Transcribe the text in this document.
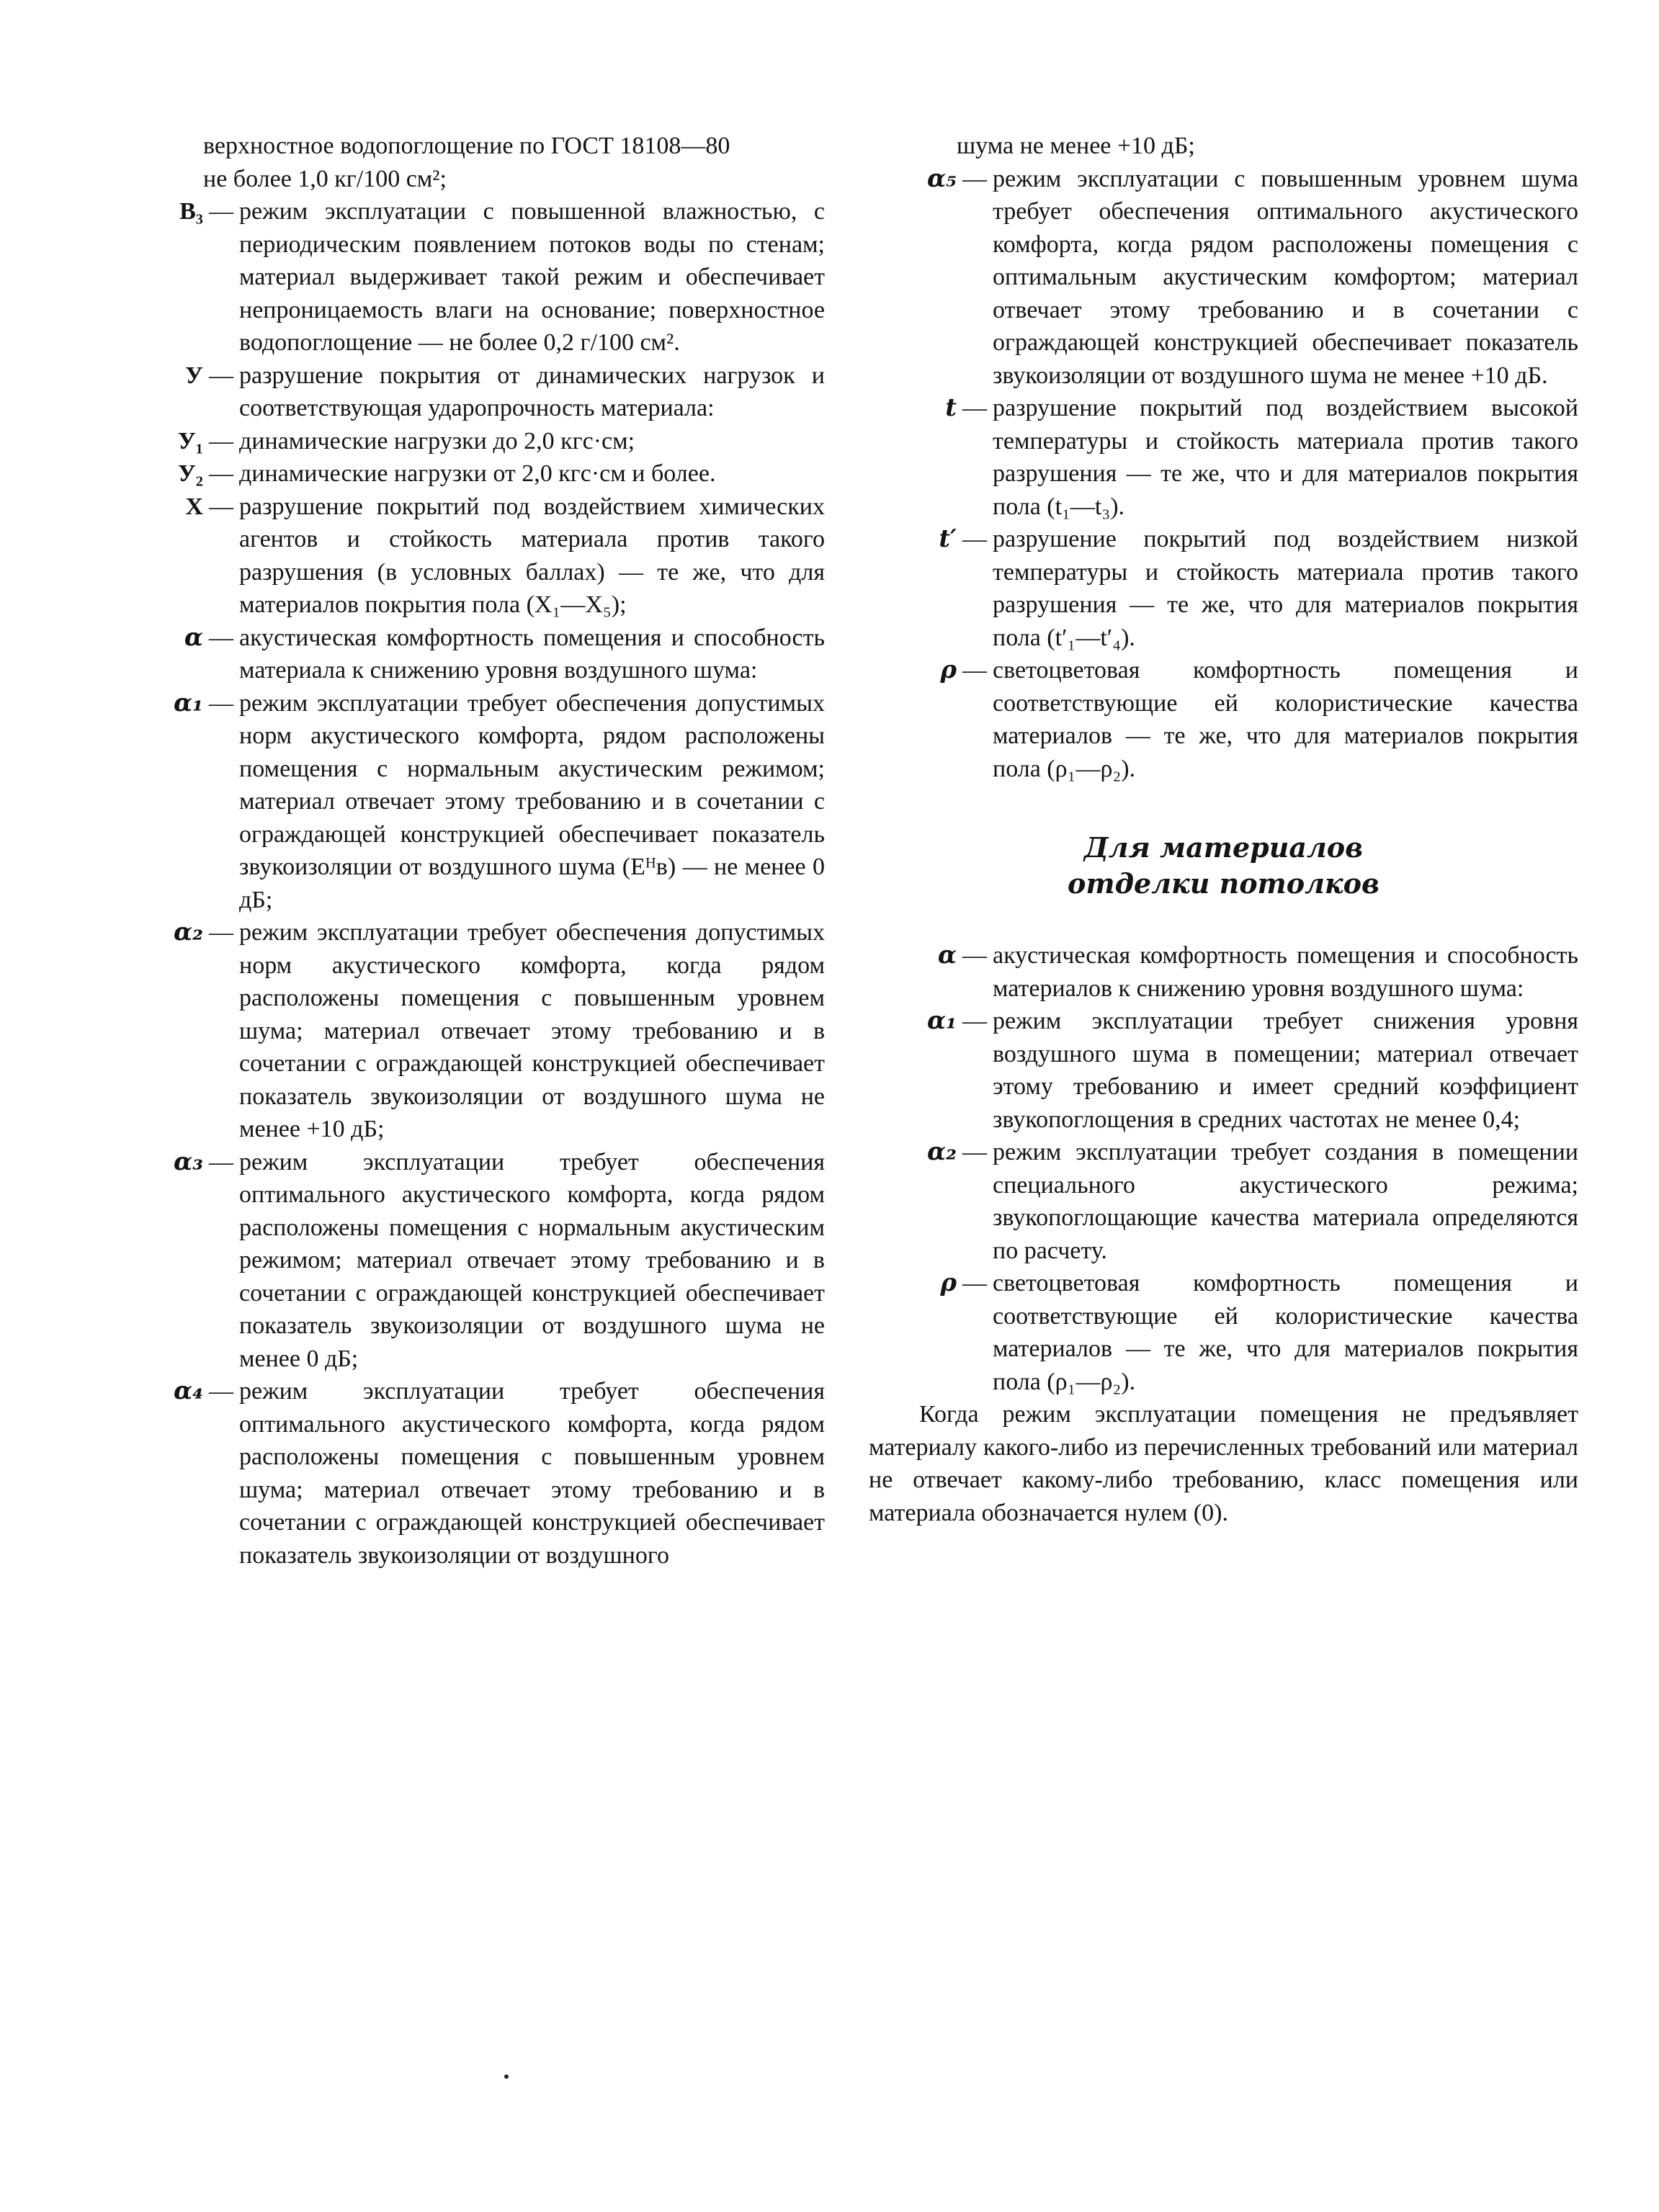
верхностное водопоглощение по ГОСТ 18108—80
не более 1,0 кг/100 см²;
В₃ — режим эксплуатации с повышенной влажностью, с периодическим появлением потоков воды по стенам; материал выдерживает такой режим и обеспечивает непроницаемость влаги на основание; поверхностное водопоглощение — не более 0,2 г/100 см².
У — разрушение покрытия от динамических нагрузок и соответствующая ударопрочность материала:
У₁ — динамические нагрузки до 2,0 кгс·см;
У₂ — динамические нагрузки от 2,0 кгс·см и более.
Х — разрушение покрытий под воздействием химических агентов и стойкость материала против такого разрушения (в условных баллах) — те же, что для материалов покрытия пола (X₁—X₅);
α — акустическая комфортность помещения и способность материала к снижению уровня воздушного шума:
α₁ — режим эксплуатации требует обеспечения допустимых норм акустического комфорта, рядом расположены помещения с нормальным акустическим режимом; материал отвечает этому требованию и в сочетании с ограждающей конструкцией обеспечивает показатель звукоизоляции от воздушного шума (Eᴴв) — не менее 0 дБ;
α₂ — режим эксплуатации требует обеспечения допустимых норм акустического комфорта, когда рядом расположены помещения с повышенным уровнем шума; материал отвечает этому требованию и в сочетании с ограждающей конструкцией обеспечивает показатель звукоизоляции от воздушного шума не менее +10 дБ;
α₃ — режим эксплуатации требует обеспечения оптимального акустического комфорта, когда рядом расположены помещения с нормальным акустическим режимом; материал отвечает этому требованию и в сочетании с ограждающей конструкцией обеспечивает показатель звукоизоляции от воздушного шума не менее 0 дБ;
α₄ — режим эксплуатации требует обеспечения оптимального акустического комфорта, когда рядом расположены помещения с повышенным уровнем шума; материал отвечает этому требованию и в сочетании с ограждающей конструкцией обеспечивает показатель звукоизоляции от воздушного
шума не менее +10 дБ;
α₅ — режим эксплуатации с повышенным уровнем шума требует обеспечения оптимального акустического комфорта, когда рядом расположены помещения с оптимальным акустическим комфортом; материал отвечает этому требованию и в сочетании с ограждающей конструкцией обеспечивает показатель звукоизоляции от воздушного шума не менее +10 дБ.
t — разрушение покрытий под воздействием высокой температуры и стойкость материала против такого разрушения — те же, что и для материалов покрытия пола (t₁—t₃).
t′ — разрушение покрытий под воздействием низкой температуры и стойкость материала против такого разрушения — те же, что для материалов покрытия пола (t′₁—t′₄).
ρ — светоцветовая комфортность помещения и соответствующие ей колористические качества материалов — те же, что для материалов покрытия пола (ρ₁—ρ₂).
Для материалов
отделки потолков
α — акустическая комфортность помещения и способность материалов к снижению уровня воздушного шума:
α₁ — режим эксплуатации требует снижения уровня воздушного шума в помещении; материал отвечает этому требованию и имеет средний коэффициент звукопоглощения в средних частотах не менее 0,4;
α₂ — режим эксплуатации требует создания в помещении специального акустического режима; звукопоглощающие качества материала определяются по расчету.
ρ — светоцветовая комфортность помещения и соответствующие ей колористические качества материалов — те же, что для материалов покрытия пола (ρ₁—ρ₂).
Когда режим эксплуатации помещения не предъявляет материалу какого-либо из перечисленных требований или материал не отвечает какому-либо требованию, класс помещения или материала обозначается нулем (0).
